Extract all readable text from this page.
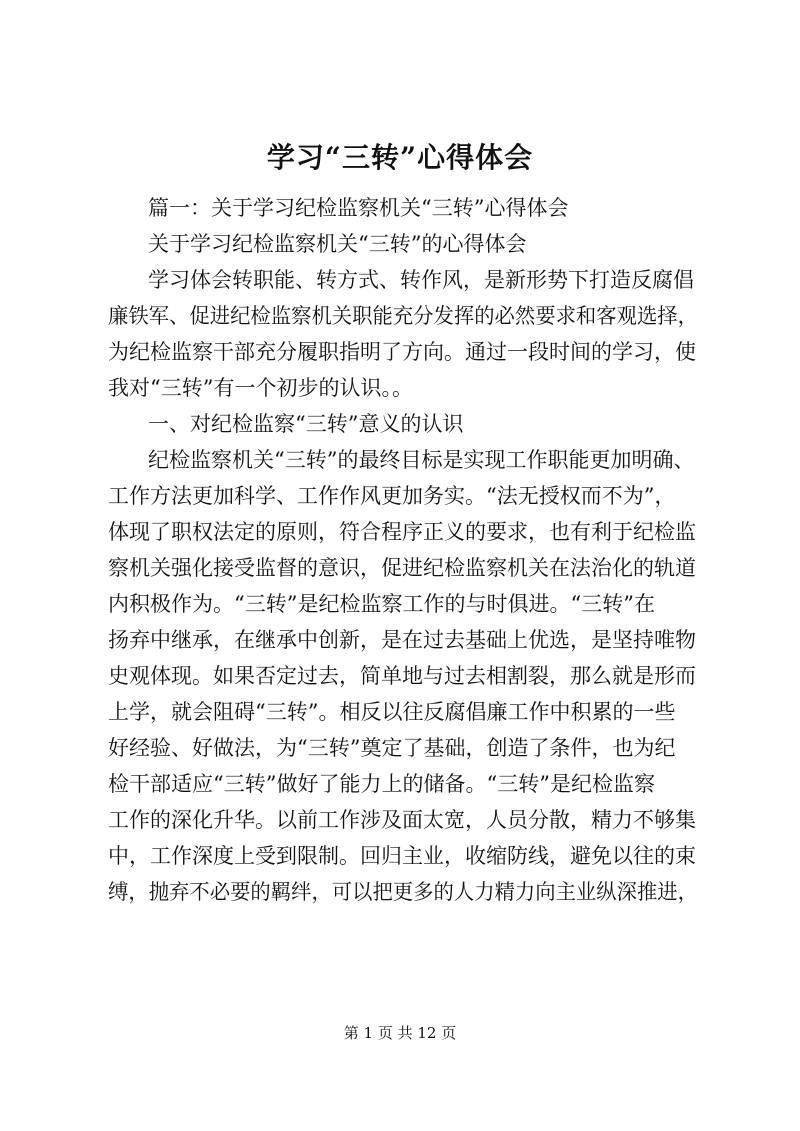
学习“三转”心得体会
篇一：关于学习纪检监察机关“三转”心得体会
关于学习纪检监察机关“三转”的心得体会
学习体会转职能、转方式、转作风，是新形势下打造反腐倡
廉铁军、促进纪检监察机关职能充分发挥的必然要求和客观选择，
为纪检监察干部充分履职指明了方向。通过一段时间的学习，使
我对“三转”有一个初步的认识。。
一、对纪检监察“三转”意义的认识
纪检监察机关“三转”的最终目标是实现工作职能更加明确、
工作方法更加科学、工作作风更加务实。“法无授权而不为”，
体现了职权法定的原则，符合程序正义的要求，也有利于纪检监
察机关强化接受监督的意识，促进纪检监察机关在法治化的轨道
内积极作为。“三转”是纪检监察工作的与时俱进。“三转”在
扬弃中继承，在继承中创新，是在过去基础上优选，是坚持唯物
史观体现。如果否定过去，简单地与过去相割裂，那么就是形而
上学，就会阻碍“三转”。相反以往反腐倡廉工作中积累的一些
好经验、好做法，为“三转”奠定了基础，创造了条件，也为纪
检干部适应“三转”做好了能力上的储备。“三转”是纪检监察
工作的深化升华。以前工作涉及面太宽，人员分散，精力不够集
中，工作深度上受到限制。回归主业，收缩防线，避免以往的束
缚，抛弃不必要的羁绊，可以把更多的人力精力向主业纵深推进，
第 1 页 共 12 页
